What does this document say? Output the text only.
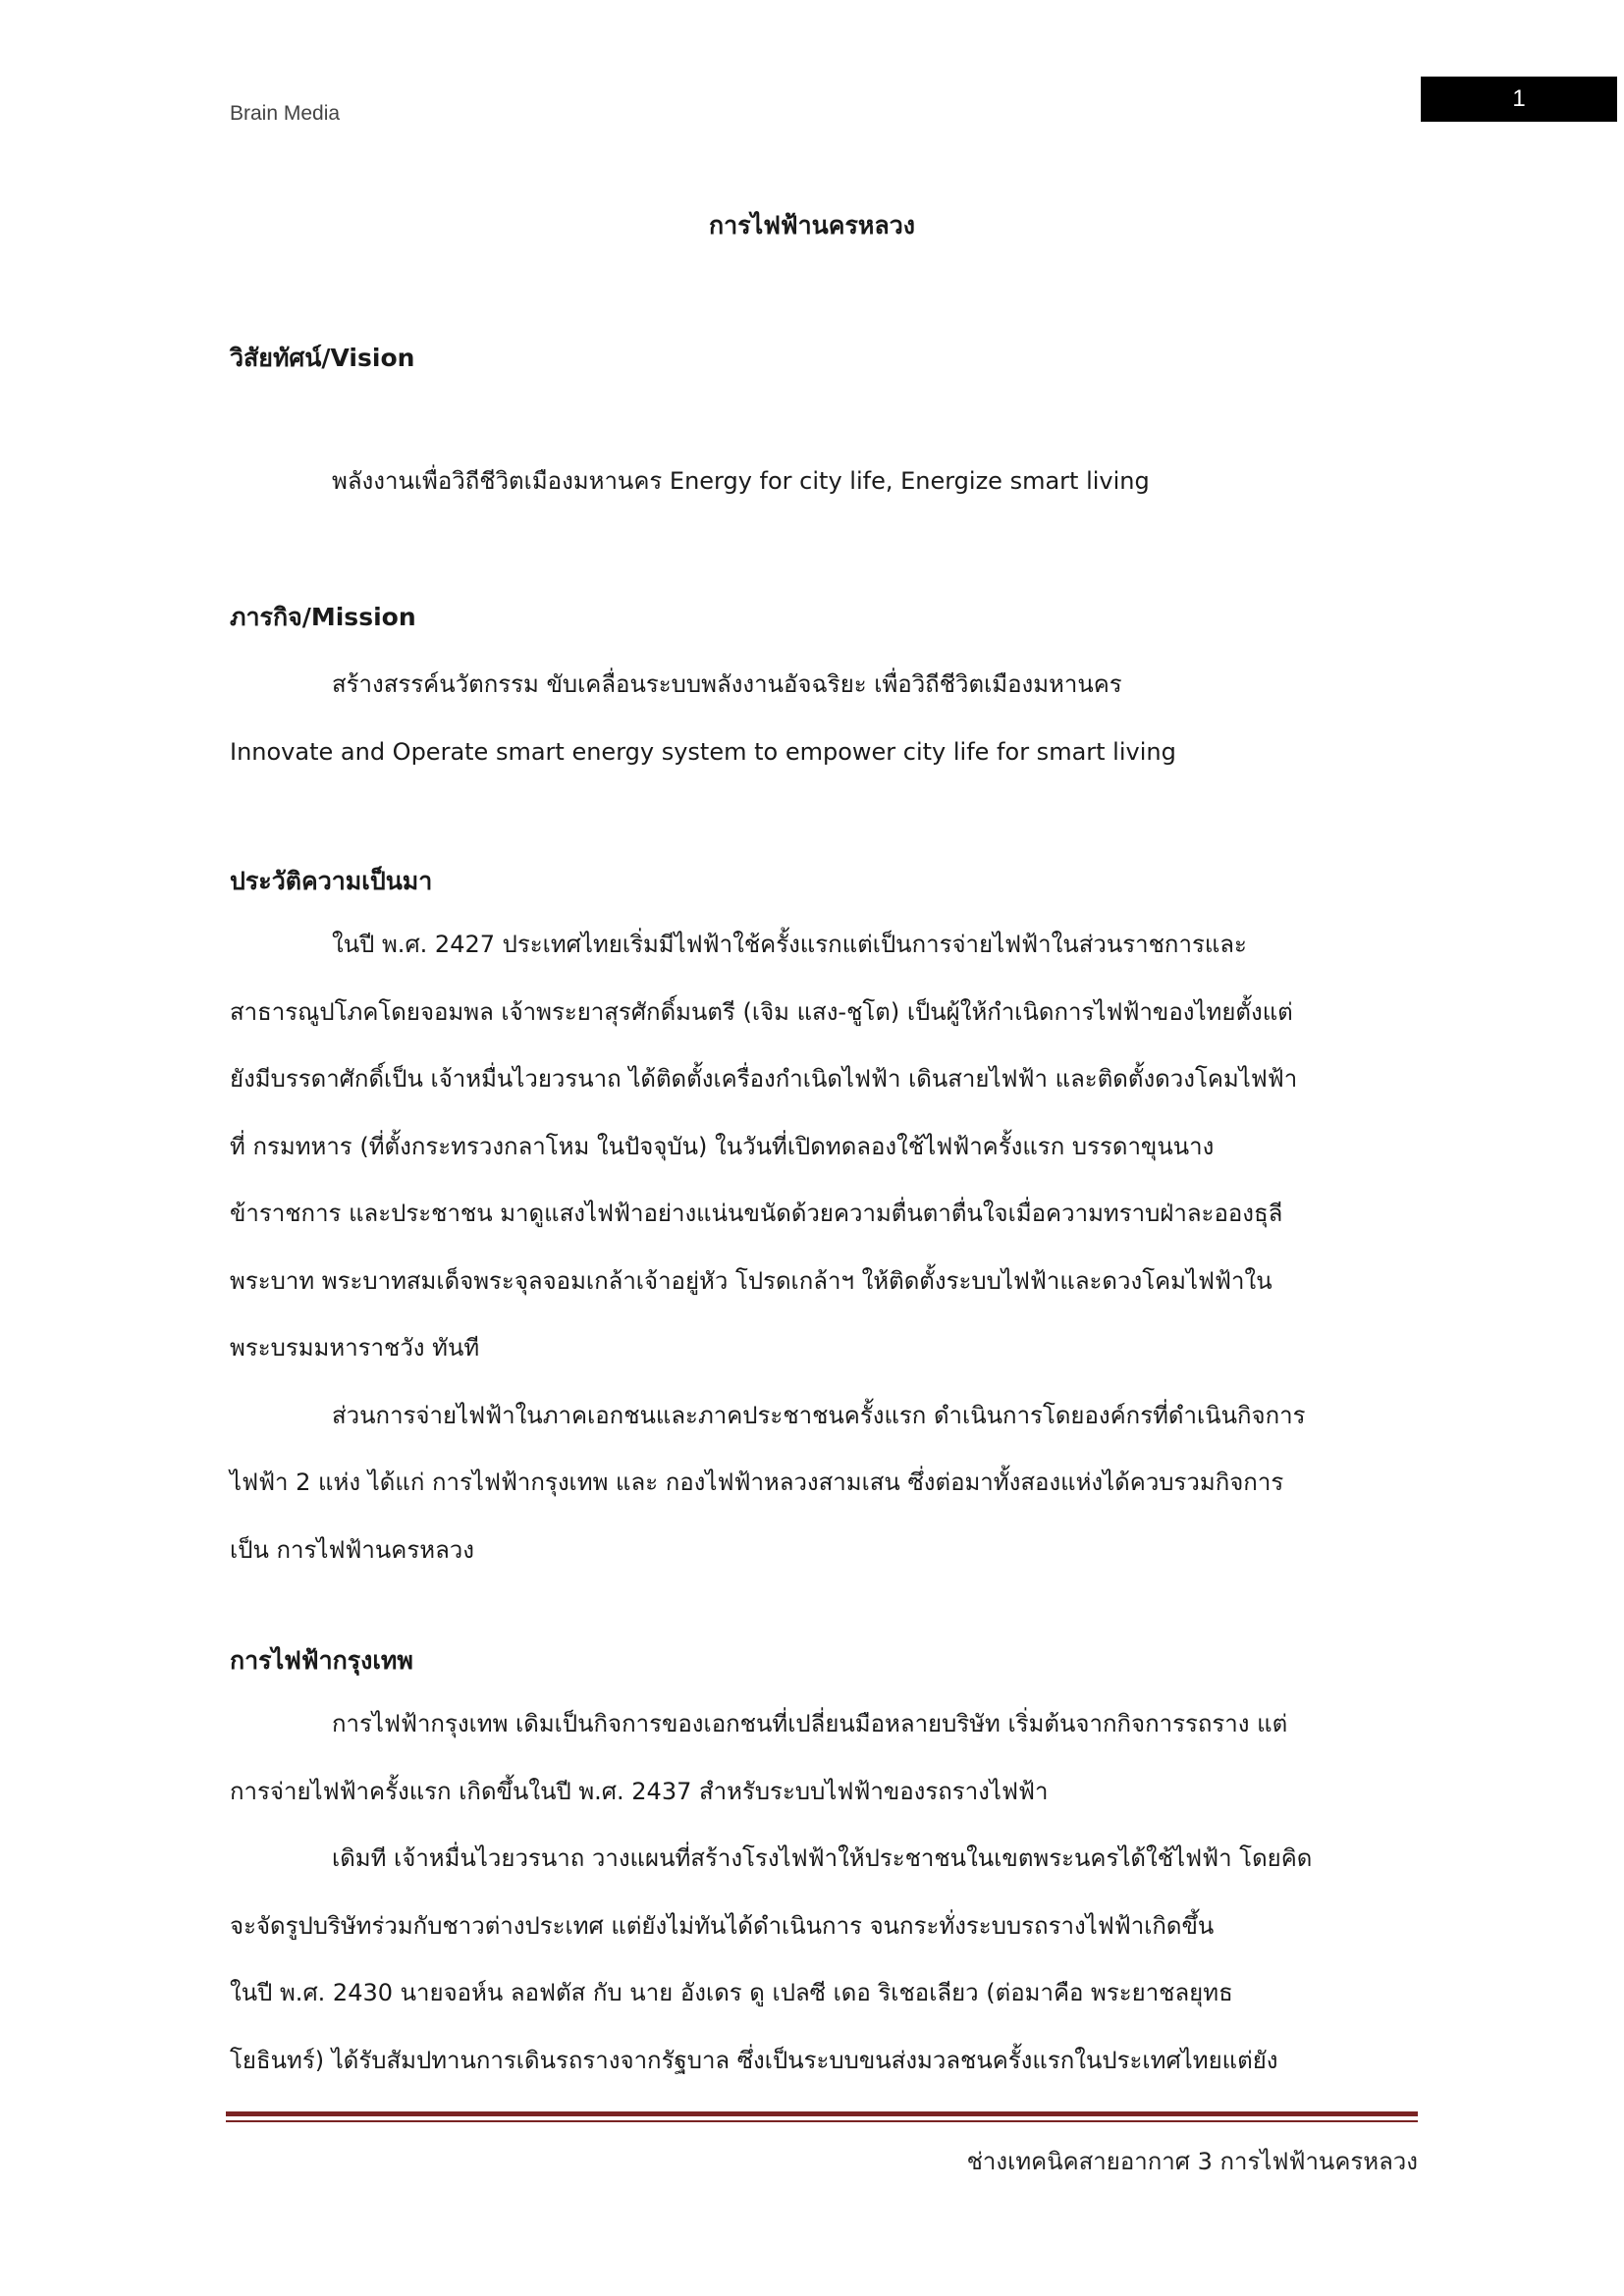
Brain Media
1
การไฟฟ้านครหลวง
วิสัยทัศน์/Vision
พลังงานเพื่อวิถีชีวิตเมืองมหานคร Energy for city life, Energize smart living
ภารกิจ/Mission
สร้างสรรค์นวัตกรรม ขับเคลื่อนระบบพลังงานอัจฉริยะ เพื่อวิถีชีวิตเมืองมหานคร
Innovate and Operate smart energy system to empower city life for smart living
ประวัติความเป็นมา
ในปี พ.ศ. 2427 ประเทศไทยเริ่มมีไฟฟ้าใช้ครั้งแรกแต่เป็นการจ่ายไฟฟ้าในส่วนราชการและ
สาธารณูปโภคโดยจอมพล เจ้าพระยาสุรศักดิ์มนตรี (เจิม แสง-ชูโต) เป็นผู้ให้กำเนิดการไฟฟ้าของไทยตั้งแต่
ยังมีบรรดาศักดิ์เป็น เจ้าหมื่นไวยวรนาถ ได้ติดตั้งเครื่องกำเนิดไฟฟ้า เดินสายไฟฟ้า และติดตั้งดวงโคมไฟฟ้า
ที่ กรมทหาร (ที่ตั้งกระทรวงกลาโหม ในปัจจุบัน) ในวันที่เปิดทดลองใช้ไฟฟ้าครั้งแรก บรรดาขุนนาง
ข้าราชการ และประชาชน มาดูแสงไฟฟ้าอย่างแน่นขนัดด้วยความตื่นตาตื่นใจเมื่อความทราบฝ่าละอองธุลี
พระบาท พระบาทสมเด็จพระจุลจอมเกล้าเจ้าอยู่หัว โปรดเกล้าฯ ให้ติดตั้งระบบไฟฟ้าและดวงโคมไฟฟ้าใน
พระบรมมหาราชวัง ทันที
ส่วนการจ่ายไฟฟ้าในภาคเอกชนและภาคประชาชนครั้งแรก ดำเนินการโดยองค์กรที่ดำเนินกิจการ
ไฟฟ้า 2 แห่ง ได้แก่ การไฟฟ้ากรุงเทพ และ กองไฟฟ้าหลวงสามเสน ซึ่งต่อมาทั้งสองแห่งได้ควบรวมกิจการ
เป็น การไฟฟ้านครหลวง
การไฟฟ้ากรุงเทพ
การไฟฟ้ากรุงเทพ เดิมเป็นกิจการของเอกชนที่เปลี่ยนมือหลายบริษัท เริ่มต้นจากกิจการรถราง แต่
การจ่ายไฟฟ้าครั้งแรก เกิดขึ้นในปี พ.ศ. 2437 สำหรับระบบไฟฟ้าของรถรางไฟฟ้า
เดิมที เจ้าหมื่นไวยวรนาถ วางแผนที่สร้างโรงไฟฟ้าให้ประชาชนในเขตพระนครได้ใช้ไฟฟ้า โดยคิด
จะจัดรูปบริษัทร่วมกับชาวต่างประเทศ แต่ยังไม่ทันได้ดำเนินการ จนกระทั่งระบบรถรางไฟฟ้าเกิดขึ้น
ในปี พ.ศ. 2430 นายจอห์น ลอฟตัส กับ นาย อังเดร ดู เปลซี เดอ ริเชอเลียว (ต่อมาคือ พระยาชลยุทธ
โยธินทร์) ได้รับสัมปทานการเดินรถรางจากรัฐบาล ซึ่งเป็นระบบขนส่งมวลชนครั้งแรกในประเทศไทยแต่ยัง
ช่างเทคนิคสายอากาศ 3 การไฟฟ้านครหลวง
